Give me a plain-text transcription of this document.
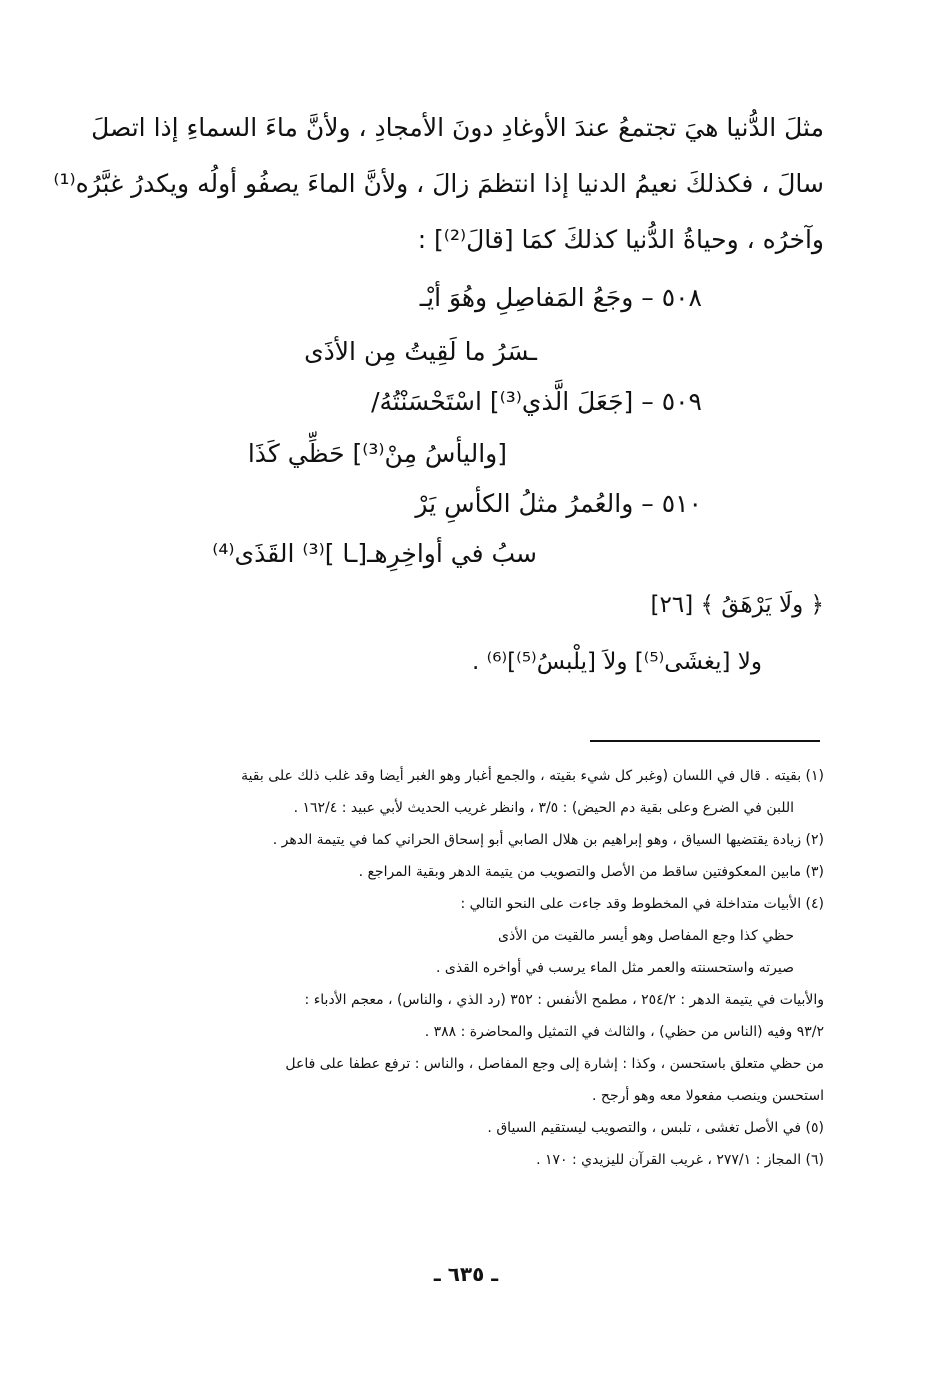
مثلَ الدُّنيا هيَ تجتمعُ عندَ الأوغادِ دونَ الأمجادِ ، ولأنَّ ماءَ السماءِ إذا اتصلَ
سالَ ، فكذلكَ نعيمُ الدنيا إذا انتظمَ زالَ ، ولأنَّ الماءَ يصفُو أولُه ويكدرُ غبَّرُه⁽¹⁾
وآخرُه ، وحياةُ الدُّنيا كذلكَ كمَا [قالَ⁽²⁾] :
٥٠٨ – وجَعُ المَفاصِلِ وهُوَ أيْـ
ـسَرُ ما لَقِيتُ مِن الأذَى
٥٠٩ – [جَعَلَ الَّذي⁽³⁾] اسْتَحْسَنْتُهُ/
[واليأسُ مِنْ⁽³⁾] حَظِّي كَذَا
٥١٠ – والعُمرُ مثلُ الكأسِ يَرْ
سبُ في أواخِرِهـ[ـا ]⁽³⁾ القَذَى⁽⁴⁾
﴿ ولَا يَرْهَقُ ﴾ [٢٦]
ولا [يغشَى⁽⁵⁾] ولاَ [يلْبسُ⁽⁵⁾]⁽⁶⁾ .
(١) بقيته . قال في اللسان (وغبر كل شيء بقيته ، والجمع أغبار وهو الغبر أيضا وقد غلب ذلك على بقية
اللبن في الضرع وعلى بقية دم الحيض) : ٣/٥ ، وانظر غريب الحديث لأبي عبيد : ١٦٢/٤ .
(٢) زيادة يقتضيها السياق ، وهو إبراهيم بن هلال الصابي أبو إسحاق الحراني كما في يتيمة الدهر .
(٣) مابين المعكوفتين ساقط من الأصل والتصويب من يتيمة الدهر وبقية المراجع .
(٤) الأبيات متداخلة في المخطوط وقد جاءت على النحو التالي :
حظي كذا وجع المفاصل وهو أيسر مالقيت من الأذى
صيرته واستحسنته والعمر مثل الماء يرسب في أواخره القذى .
والأبيات في يتيمة الدهر : ٢٥٤/٢ ، مطمح الأنفس : ٣٥٢ (رد الذي ، والناس) ، معجم الأدباء :
٩٣/٢ وفيه (الناس من حظي) ، والثالث في التمثيل والمحاضرة : ٣٨٨ .
من حظي متعلق باستحسن ، وكذا : إشارة إلى وجع المفاصل ، والناس : ترفع عطفا على فاعل
استحسن وينصب مفعولا معه وهو أرجح .
(٥) في الأصل تغشى ، تلبس ، والتصويب ليستقيم السياق .
(٦) المجاز : ٢٧٧/١ ، غريب القرآن لليزيدي : ١٧٠ .
ـ ٦٣٥ ـ
